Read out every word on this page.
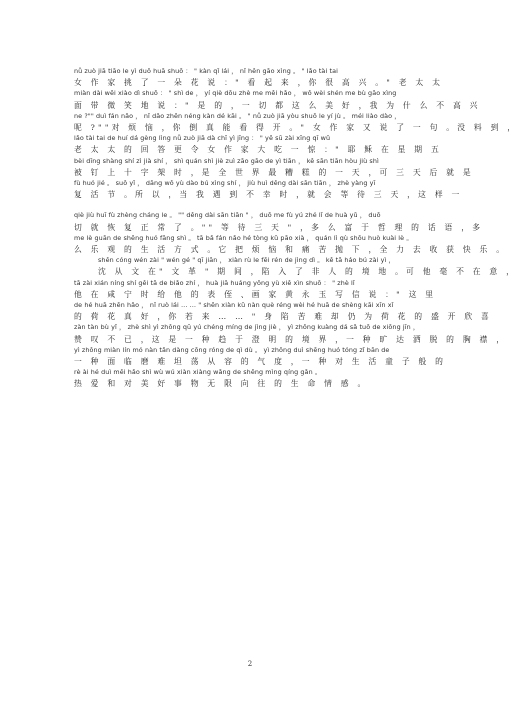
nǚ zuò jiā tiāo le yì duǒ huā shuō ： " kàn qǐ lái ， nǐ hěn gāo xìng 。 " lǎo tài tai
女 作 家 挑 了 一 朵 花 说 ：" 看 起 来 ，你 很 高 兴 。" 老 太 太
miàn dài wēi xiào dì shuō ： " shì de ， yí qiè dōu zhè me měi hǎo ， wǒ wèi shén me bù gāo xìng
面 带 微 笑 地 说 ：" 是 的 ，一 切 都 这 么 美 好 ，我 为 什 么 不 高 兴
ne ?"" duì fán nǎo ， nǐ dǎo zhēn néng kàn dé kāi 。 " nǚ zuò jiā yòu shuō le yí jù 。 méi liào dào ，
呢 ?""对 烦 恼 ，你 倒 真 能 看 得 开 。" 女 作 家 又 说 了 一 句 。没 料 到 ，
lǎo tài tai de huí dá gèng lìng nǚ zuò jiā dà chī yì jīng ： " yē sū zài xīng qī wǔ
老 太 太 的 回 答 更 令 女 作 家 大 吃 一 惊 ：" 耶 稣 在 星 期 五
bèi dīng shàng shí zì jià shí ， shì quán shì jiè zuì zāo gāo de yì tiān ， kě sān tiān hòu jiù shì
被 钉 上 十 字 架 时 ，是 全 世 界 最 糟 糕 的 一 天 ，可 三 天 后 就 是
fù huó jié 。 suǒ yǐ ， dāng wǒ yù dào bú xìng shí ， jiù huì děng dài sān tiān ， zhè yàng yī
复 活 节 。所 以 ，当 我 遇 到 不 幸 时 ，就 会 等 待 三 天 ，这 样 一
qiè jiù huī fù zhèng cháng le 。 "" děng dài sān tiān " ， duō me fù yú zhé lǐ de huà yǔ ， duō
切 就 恢 复 正 常 了 。"" 等 待 三 天 " ，多 么 富 于 哲 理 的 话 语 ，多
me lè guān de shēng huó fāng shì 。 tā bǎ fán nǎo hé tòng kǔ pāo xià ， quán lì qù shōu huò kuài lè 。
么 乐 观 的 生 活 方 式 。它 把 烦 恼 和 痛 苦 抛 下 ，全 力 去 收 获 快 乐 。
shěn cóng wén zài " wén gé " qī jiān ， xiàn rù le fēi rén de jìng dì 。 kě tā háo bú zài yì ，
沈 从 文 在" 文 革 " 期 间 ，陷 入 了 非 人 的 境 地 。可 他 毫 不 在 意 ，
tā zài xián níng shí gěi tā de biǎo zhí ， huà jiā huáng yǒng yù xiě xìn shuō ： " zhè lǐ
他 在 咸 宁 时 给 他 的 表 侄 、画 家 黄 永 玉 写 信 说 ：" 这 里
de hé huā zhēn hǎo ， nǐ ruò lái … … " shēn xiàn kǔ nàn què réng wèi hé huā de shèng kāi xīn xǐ
的 荷 花 真 好 ，你 若 来 … … " 身 陷 苦 难 却 仍 为 荷 花 的 盛 开 欣 喜
zàn tàn bù yǐ ， zhè shì yì zhǒng qū yú chéng míng de jìng jiè ， yì zhǒng kuàng dá sǎ tuō de xiōng jīn ，
赞 叹 不 已 ，这 是 一 种 趋 于 澄 明 的 境 界 ，一 种 旷 达 洒 脱 的 胸 襟 ，
yì zhǒng miàn lín mó nàn tǎn dàng cōng róng de qì dù 。 yì zhǒng duì shēng huó tóng zǐ bān de
一 种 面 临 磨 难 坦 荡 从 容 的 气 度 ，一 种 对 生 活 童 子 般 的
rè ài hé duì měi hǎo shì wù wú xiàn xiàng wǎng de shēng mìng qíng gǎn 。
热 爱 和 对 美 好 事 物 无 限 向 往 的 生 命 情 感 。
2
